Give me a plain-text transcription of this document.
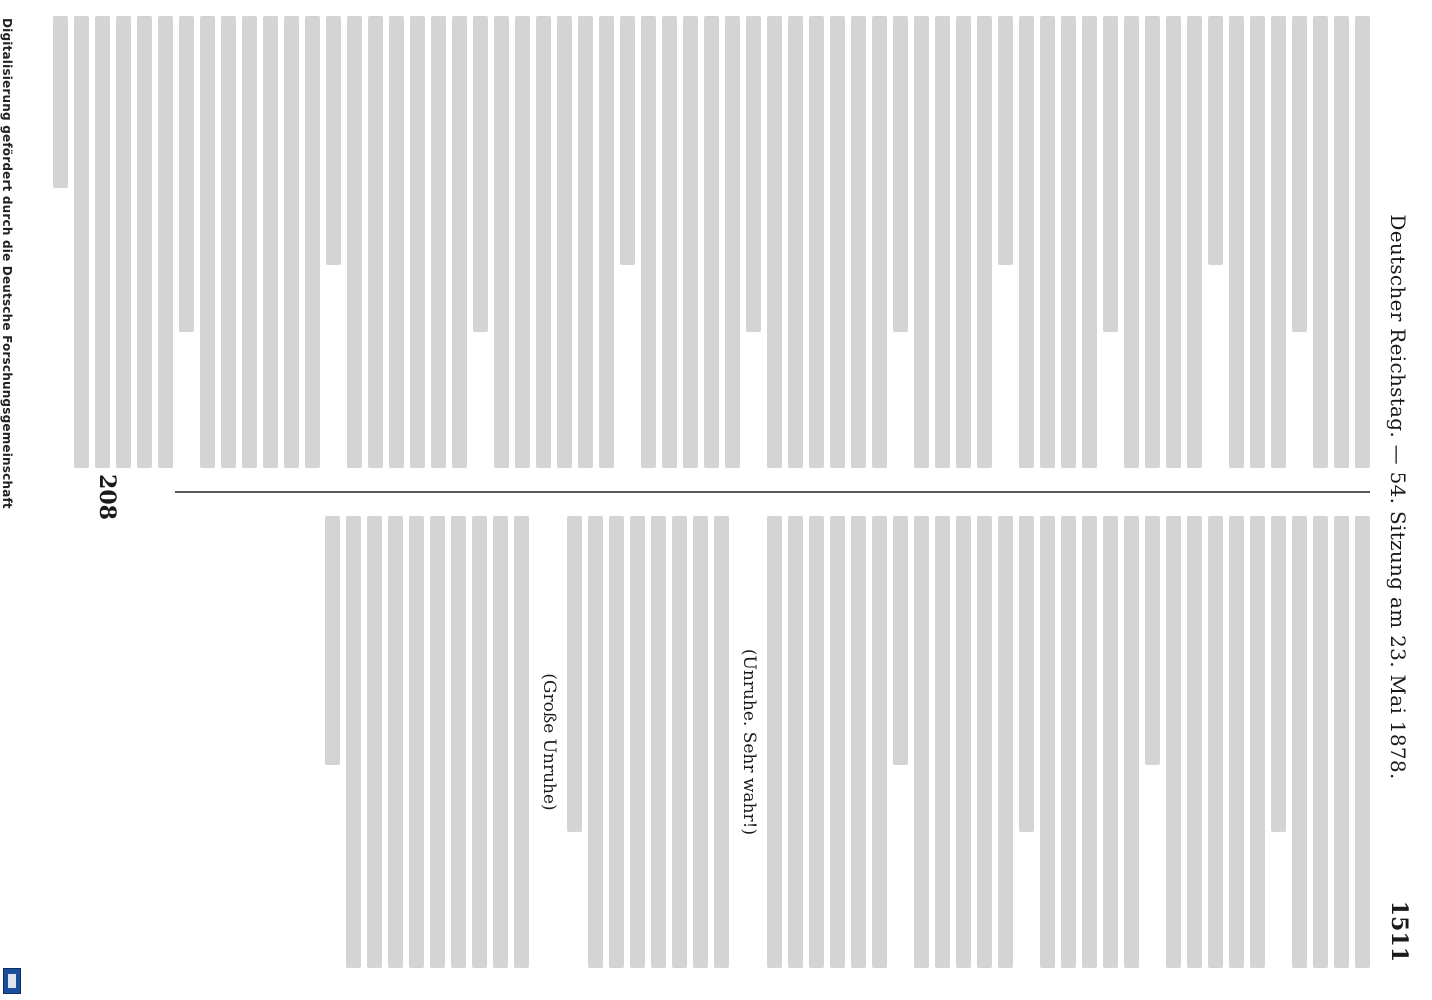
Digitalisierung gefördert durch die Deutsche Forschungsgemeinschaft	Deutscher Reichstag. — 54. Sitzung am 23. Mai 1878.
1511
(Unruhe. Sehr wahr!)
(Große Unruhe)
208
